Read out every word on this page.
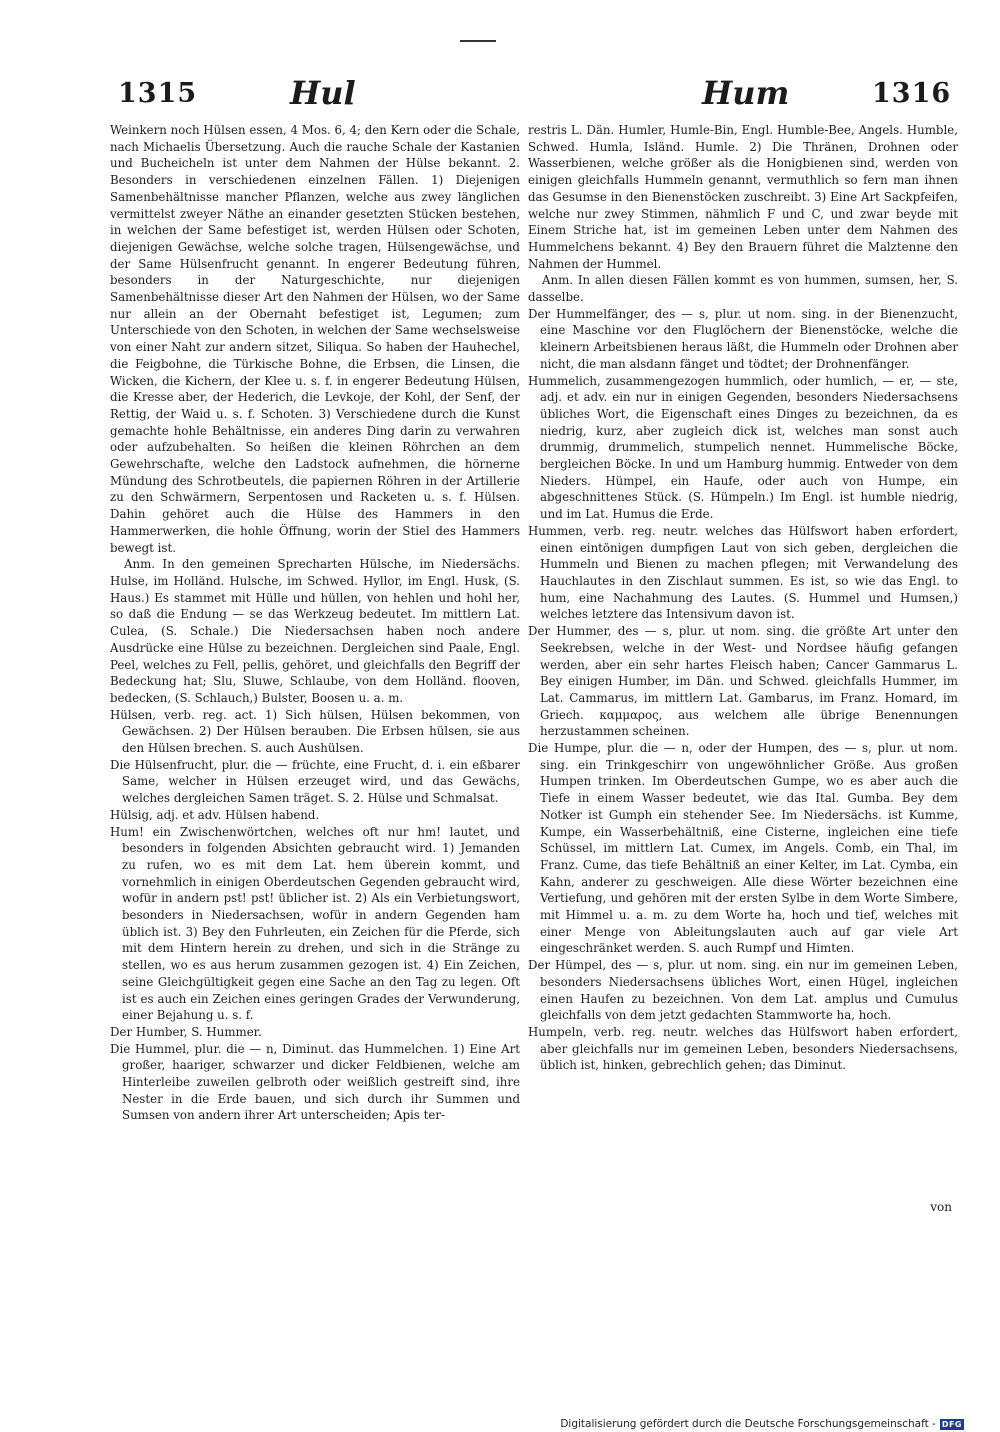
1315	Hul	Hum	1316

Weinkern noch Hülsen essen, 4 Mos. 6, 4; den Kern oder die Schale, nach Michaelis Übersetzung. Auch die rauche Schale der Kastanien und Bucheicheln ist unter dem Nahmen der Hülse bekannt. 2. Besonders in verschiedenen einzelnen Fällen. 1) Diejenigen Samenbehältnisse mancher Pflanzen, welche aus zwey länglichen vermittelst zweyer Näthe an einander gesetzten Stücken bestehen, in welchen der Same befestiget ist, werden Hülsen oder Schoten, diejenigen Gewächse, welche solche tragen, Hülsengewächse, und der Same Hülsenfrucht genannt. In engerer Bedeutung führen, besonders in der Naturgeschichte, nur diejenigen Samenbehältnisse dieser Art den Nahmen der Hülsen, wo der Same nur allein an der Obernaht befestiget ist, Legumen; zum Unterschiede von den Schoten, in welchen der Same wechselsweise von einer Naht zur andern sitzet, Siliqua. So haben der Hauhechel, die Feigbohne, die Türkische Bohne, die Erbsen, die Linsen, die Wicken, die Kichern, der Klee u. s. f. in engerer Bedeutung Hülsen, die Kresse aber, der Hederich, die Levkoje, der Kohl, der Senf, der Rettig, der Waid u. s. f. Schoten. 3) Verschiedene durch die Kunst gemachte hohle Behältnisse, ein anderes Ding darin zu verwahren oder aufzubehalten. So heißen die kleinen Röhrchen an dem Gewehrschafte, welche den Ladstock aufnehmen, die hörnerne Mündung des Schrotbeutels, die papiernen Röhren in der Artillerie zu den Schwärmern, Serpentosen und Racketen u. s. f. Hülsen. Dahin gehöret auch die Hülse des Hammers in den Hammerwerken, die hohle Öffnung, worin der Stiel des Hammers bewegt ist.

Anm. In den gemeinen Sprecharten Hülsche, im Niedersächs. Hulse, im Holländ. Hulsche, im Schwed. Hyllor, im Engl. Husk, (S. Haus.) Es stammet mit Hülle und hüllen, von hehlen und hohl her, so daß die Endung — se das Werkzeug bedeutet. Im mittlern Lat. Culea, (S. Schale.) Die Niedersachsen haben noch andere Ausdrücke eine Hülse zu bezeichnen. Dergleichen sind Paale, Engl. Peel, welches zu Fell, pellis, gehöret, und gleichfalls den Begriff der Bedeckung hat; Slu, Sluwe, Schlaube, von dem Holländ. flooven, bedecken, (S. Schlauch,) Bulster, Boosen u. a. m.

Hülsen, verb. reg. act. 1) Sich hülsen, Hülsen bekommen, von Gewächsen. 2) Der Hülsen berauben. Die Erbsen hülsen, sie aus den Hülsen brechen. S. auch Aushülsen.

Die Hülsenfrucht, plur. die — früchte, eine Frucht, d. i. ein eßbarer Same, welcher in Hülsen erzeuget wird, und das Gewächs, welches dergleichen Samen träget. S. 2. Hülse und Schmalsat.

Hülsig, adj. et adv. Hülsen habend.

Hum! ein Zwischenwörtchen, welches oft nur hm! lautet, und besonders in folgenden Absichten gebraucht wird. 1) Jemanden zu rufen, wo es mit dem Lat. hem überein kommt, und vornehmlich in einigen Oberdeutschen Gegenden gebraucht wird, wofür in andern pst! pst! üblicher ist. 2) Als ein Verbietungswort, besonders in Niedersachsen, wofür in andern Gegenden ham üblich ist. 3) Bey den Fuhrleuten, ein Zeichen für die Pferde, sich mit dem Hintern herein zu drehen, und sich in die Stränge zu stellen, wo es aus herum zusammen gezogen ist. 4) Ein Zeichen, seine Gleichgültigkeit gegen eine Sache an den Tag zu legen. Oft ist es auch ein Zeichen eines geringen Grades der Verwunderung, einer Bejahung u. s. f.

Der Humber, S. Hummer.

Die Hummel, plur. die — n, Diminut. das Hummelchen. 1) Eine Art großer, haariger, schwarzer und dicker Feldbienen, welche am Hinterleibe zuweilen gelbroth oder weißlich gestreift sind, ihre Nester in die Erde bauen, und sich durch ihr Summen und Sumsen von andern ihrer Art unterscheiden; Apis ter-

restris L. Dän. Humler, Humle-Bin, Engl. Humble-Bee, Angels. Humble, Schwed. Humla, Isländ. Humle. 2) Die Thränen, Drohnen oder Wasserbienen, welche größer als die Honigbienen sind, werden von einigen gleichfalls Hummeln genannt, vermuthlich so fern man ihnen das Gesumse in den Bienenstöcken zuschreibt. 3) Eine Art Sackpfeifen, welche nur zwey Stimmen, nähmlich F und C, und zwar beyde mit Einem Striche hat, ist im gemeinen Leben unter dem Nahmen des Hummelchens bekannt. 4) Bey den Brauern führet die Malztenne den Nahmen der Hummel.

Anm. In allen diesen Fällen kommt es von hummen, sumsen, her, S. dasselbe.

Der Hummelfänger, des — s, plur. ut nom. sing. in der Bienenzucht, eine Maschine vor den Fluglöchern der Bienenstöcke, welche die kleinern Arbeitsbienen heraus läßt, die Hummeln oder Drohnen aber nicht, die man alsdann fänget und tödtet; der Drohnenfänger.

Hummelich, zusammengezogen hummlich, oder humlich, — er, — ste, adj. et adv. ein nur in einigen Gegenden, besonders Niedersachsens übliches Wort, die Eigenschaft eines Dinges zu bezeichnen, da es niedrig, kurz, aber zugleich dick ist, welches man sonst auch drummig, drummelich, stumpelich nennet. Hummelische Böcke, bergleichen Böcke. In und um Hamburg hummig. Entweder von dem Nieders. Hümpel, ein Haufe, oder auch von Humpe, ein abgeschnittenes Stück. (S. Hümpeln.) Im Engl. ist humble niedrig, und im Lat. Humus die Erde.

Hummen, verb. reg. neutr. welches das Hülfswort haben erfordert, einen eintönigen dumpfigen Laut von sich geben, dergleichen die Hummeln und Bienen zu machen pflegen; mit Verwandelung des Hauchlautes in den Zischlaut summen. Es ist, so wie das Engl. to hum, eine Nachahmung des Lautes. (S. Hummel und Humsen,) welches letztere das Intensivum davon ist.

Der Hummer, des — s, plur. ut nom. sing. die größte Art unter den Seekrebsen, welche in der West- und Nordsee häufig gefangen werden, aber ein sehr hartes Fleisch haben; Cancer Gammarus L. Bey einigen Humber, im Dän. und Schwed. gleichfalls Hummer, im Lat. Cammarus, im mittlern Lat. Gambarus, im Franz. Homard, im Griech. καμμαρος, aus welchem alle übrige Benennungen herzustammen scheinen.

Die Humpe, plur. die — n, oder der Humpen, des — s, plur. ut nom. sing. ein Trinkgeschirr von ungewöhnlicher Größe. Aus großen Humpen trinken. Im Oberdeutschen Gumpe, wo es aber auch die Tiefe in einem Wasser bedeutet, wie das Ital. Gumba. Bey dem Notker ist Gumph ein stehender See. Im Niedersächs. ist Kumme, Kumpe, ein Wasserbehältniß, eine Cisterne, ingleichen eine tiefe Schüssel, im mittlern Lat. Cumex, im Angels. Comb, ein Thal, im Franz. Cume, das tiefe Behältniß an einer Kelter, im Lat. Cymba, ein Kahn, anderer zu geschweigen. Alle diese Wörter bezeichnen eine Vertiefung, und gehören mit der ersten Sylbe in dem Worte Simbere, mit Himmel u. a. m. zu dem Worte ha, hoch und tief, welches mit einer Menge von Ableitungslauten auch auf gar viele Art eingeschränket werden. S. auch Rumpf und Himten.

Der Hümpel, des — s, plur. ut nom. sing. ein nur im gemeinen Leben, besonders Niedersachsens übliches Wort, einen Hügel, ingleichen einen Haufen zu bezeichnen. Von dem Lat. amplus und Cumulus gleichfalls von dem jetzt gedachten Stammworte ha, hoch.

Humpeln, verb. reg. neutr. welches das Hülfswort haben erfordert, aber gleichfalls nur im gemeinen Leben, besonders Niedersachsens, üblich ist, hinken, gebrechlich gehen; das Diminut.

von
Digitalisierung gefördert durch die Deutsche Forschungsgemeinschaft - DFG
